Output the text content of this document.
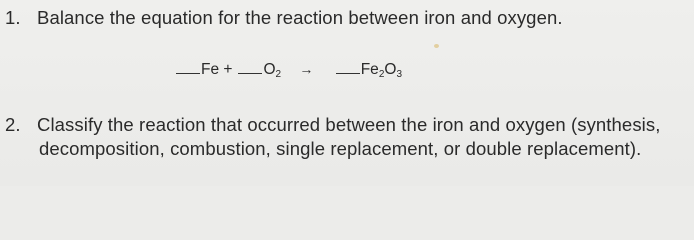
1. Balance the equation for the reaction between iron and oxygen.
$Fe + O_2$ →	$Fe_2O_3$
2. Classify the reaction that occurred between the iron and oxygen (synthesis,
decomposition, combustion, single replacement, or double replacement).
